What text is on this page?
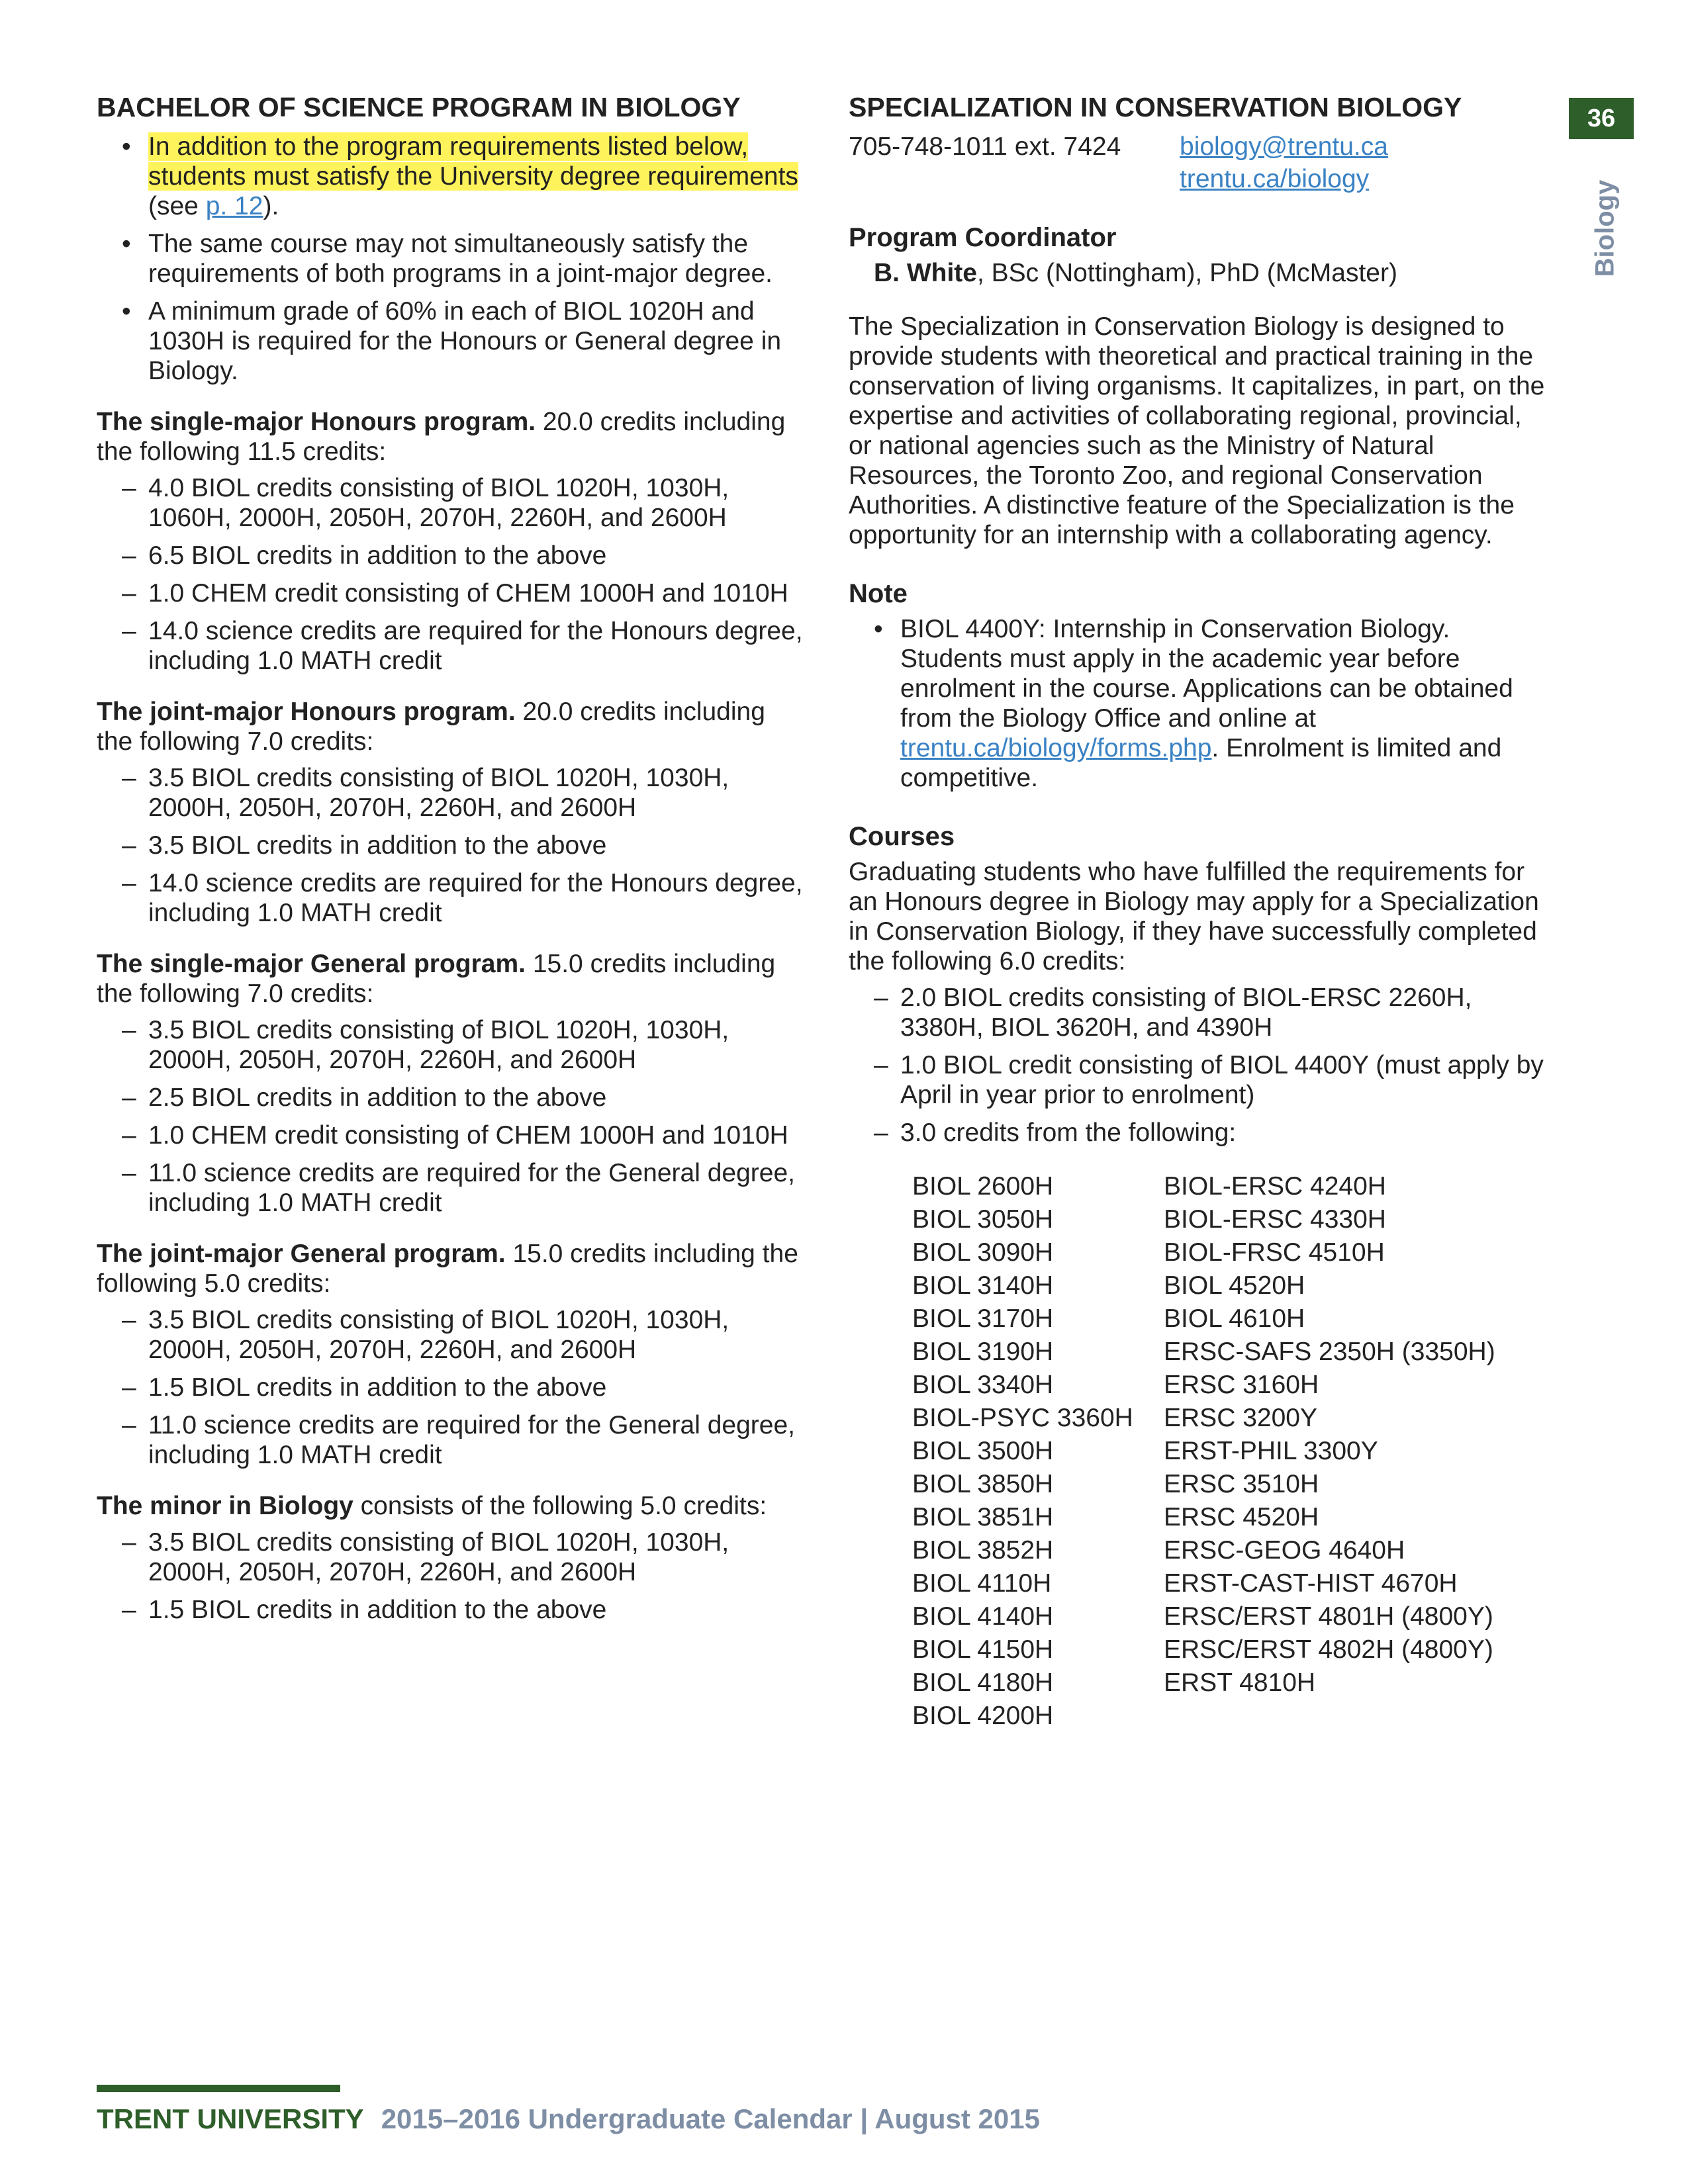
36
Biology
BACHELOR OF SCIENCE PROGRAM IN BIOLOGY
• In addition to the program requirements listed below, students must satisfy the University degree requirements (see p. 12).
• The same course may not simultaneously satisfy the requirements of both programs in a joint-major degree.
• A minimum grade of 60% in each of BIOL 1020H and 1030H is required for the Honours or General degree in Biology.
The single-major Honours program. 20.0 credits including the following 11.5 credits:
– 4.0 BIOL credits consisting of BIOL 1020H, 1030H, 1060H, 2000H, 2050H, 2070H, 2260H, and 2600H
– 6.5 BIOL credits in addition to the above
– 1.0 CHEM credit consisting of CHEM 1000H and 1010H
– 14.0 science credits are required for the Honours degree, including 1.0 MATH credit
The joint-major Honours program. 20.0 credits including the following 7.0 credits:
– 3.5 BIOL credits consisting of BIOL 1020H, 1030H, 2000H, 2050H, 2070H, 2260H, and 2600H
– 3.5 BIOL credits in addition to the above
– 14.0 science credits are required for the Honours degree, including 1.0 MATH credit
The single-major General program. 15.0 credits including the following 7.0 credits:
– 3.5 BIOL credits consisting of BIOL 1020H, 1030H, 2000H, 2050H, 2070H, 2260H, and 2600H
– 2.5 BIOL credits in addition to the above
– 1.0 CHEM credit consisting of CHEM 1000H and 1010H
– 11.0 science credits are required for the General degree, including 1.0 MATH credit
The joint-major General program. 15.0 credits including the following 5.0 credits:
– 3.5 BIOL credits consisting of BIOL 1020H, 1030H, 2000H, 2050H, 2070H, 2260H, and 2600H
– 1.5 BIOL credits in addition to the above
– 11.0 science credits are required for the General degree, including 1.0 MATH credit
The minor in Biology consists of the following 5.0 credits:
– 3.5 BIOL credits consisting of BIOL 1020H, 1030H, 2000H, 2050H, 2070H, 2260H, and 2600H
– 1.5 BIOL credits in addition to the above
SPECIALIZATION IN CONSERVATION BIOLOGY
705-748-1011 ext. 7424	biology@trentu.ca
trentu.ca/biology
Program Coordinator
B. White, BSc (Nottingham), PhD (McMaster)
The Specialization in Conservation Biology is designed to provide students with theoretical and practical training in the conservation of living organisms. It capitalizes, in part, on the expertise and activities of collaborating regional, provincial, or national agencies such as the Ministry of Natural Resources, the Toronto Zoo, and regional Conservation Authorities. A distinctive feature of the Specialization is the opportunity for an internship with a collaborating agency.
Note
• BIOL 4400Y: Internship in Conservation Biology. Students must apply in the academic year before enrolment in the course. Applications can be obtained from the Biology Office and online at trentu.ca/biology/forms.php. Enrolment is limited and competitive.
Courses
Graduating students who have fulfilled the requirements for an Honours degree in Biology may apply for a Specialization in Conservation Biology, if they have successfully completed the following 6.0 credits:
– 2.0 BIOL credits consisting of BIOL-ERSC 2260H, 3380H, BIOL 3620H, and 4390H
– 1.0 BIOL credit consisting of BIOL 4400Y (must apply by April in year prior to enrolment)
– 3.0 credits from the following:
BIOL 2600H
BIOL 3050H
BIOL 3090H
BIOL 3140H
BIOL 3170H
BIOL 3190H
BIOL 3340H
BIOL-PSYC 3360H
BIOL 3500H
BIOL 3850H
BIOL 3851H
BIOL 3852H
BIOL 4110H
BIOL 4140H
BIOL 4150H
BIOL 4180H
BIOL 4200H
BIOL-ERSC 4240H
BIOL-ERSC 4330H
BIOL-FRSC 4510H
BIOL 4520H
BIOL 4610H
ERSC-SAFS 2350H (3350H)
ERSC 3160H
ERSC 3200Y
ERST-PHIL 3300Y
ERSC 3510H
ERSC 4520H
ERSC-GEOG 4640H
ERST-CAST-HIST 4670H
ERSC/ERST 4801H (4800Y)
ERSC/ERST 4802H (4800Y)
ERST 4810H
TRENT UNIVERSITY 2015–2016 Undergraduate Calendar | August 2015
